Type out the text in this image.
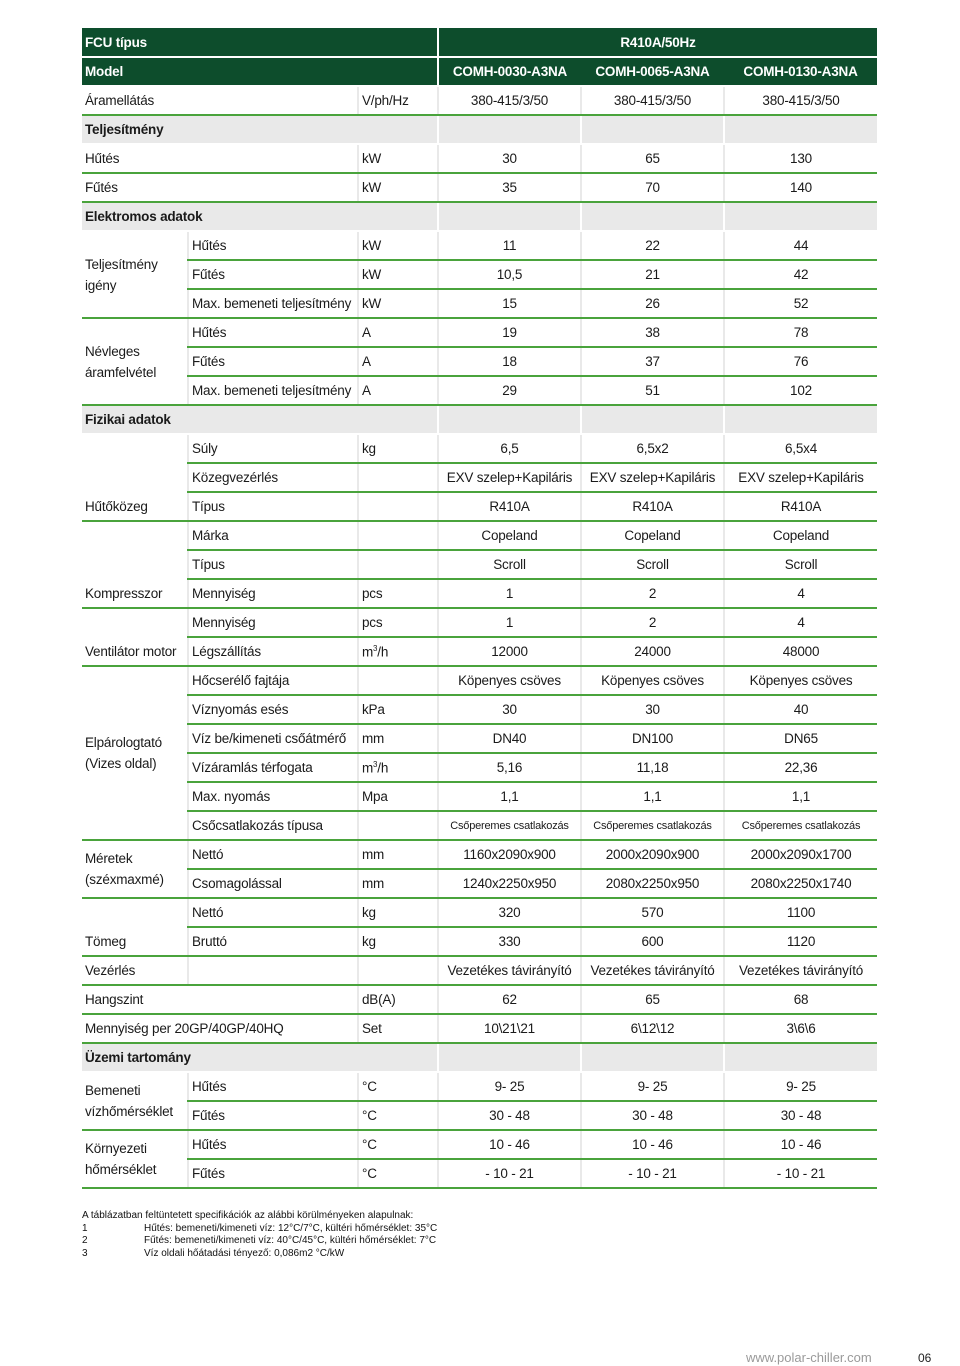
FCU típus			R410A/50Hz		
Model			COMH-0030-A3NA	COMH-0065-A3NA	COMH-0130-A3NA
Áramellátás		V/ph/Hz	380-415/3/50	380-415/3/50	380-415/3/50
Teljesítmény					
Hűtés		kW	30	65	130
Fűtés		kW	35	70	140
Elektromos adatok					
Teljesítmény igény	Hűtés	kW	11	22	44
	Fűtés	kW	10,5	21	42
	Max. bemeneti teljesítmény	kW	15	26	52
Névleges áramfelvétel	Hűtés	A	19	38	78
	Fűtés	A	18	37	76
	Max. bemeneti teljesítmény	A	29	51	102
Fizikai adatok					
	Súly	kg	6,5	6,5x2	6,5x4
	Közegvezérlés		EXV szelep+Kapiláris	EXV szelep+Kapiláris	EXV szelep+Kapiláris
Hűtőközeg	Típus		R410A	R410A	R410A
	Márka		Copeland	Copeland	Copeland
	Típus		Scroll	Scroll	Scroll
Kompresszor	Mennyiség	pcs	1	2	4
	Mennyiség	pcs	1	2	4
Ventilátor motor	Légszállítás	$m^3/h$	12000	24000	48000
Elpárologtató (Vizes oldal)	Hőcserélő fajtája		Köpenyes csöves	Köpenyes csöves	Köpenyes csöves
	Víznyomás esés	kPa	30	30	40
	Víz be/kimeneti csőátmérő	mm	DN40	DN100	DN65
	Vízáramlás térfogata	$m^3/h$	5,16	11,18	22,36
	Max. nyomás	Mpa	1,1	1,1	1,1
	Csőcsatlakozás típusa		Csőperemes csatlakozás	Csőperemes csatlakozás	Csőperemes csatlakozás
Méretek (széxmaxmé)	Nettó	mm	1160x2090x900	2000x2090x900	2000x2090x1700
	Csomagolással	mm	1240x2250x950	2080x2250x950	2080x2250x1740
	Nettó	kg	320	570	1100
Tömeg	Bruttó	kg	330	600	1120
Vezérlés			Vezetékes távirányító	Vezetékes távirányító	Vezetékes távirányító
Hangszint		dB(A)	62	65	68
Mennyiség per 20GP/40GP/40HQ		Set	10\21\21	6\12\12	3\6\6
Üzemi tartomány					
Bemeneti vízhőmérséklet	Hűtés	°C	9- 25	9- 25	9- 25
	Fűtés	°C	30 - 48	30 - 48	30 - 48
Környezeti hőmérséklet	Hűtés	°C	10 - 46	10 - 46	10 - 46
	Fűtés	°C	- 10 - 21	- 10 - 21	- 10 - 21
A táblázatban feltüntetett specifikációk az alábbi körülményeken alapulnak:
1	Hűtés: bemeneti/kimeneti víz: 12°C/7°C, kültéri hőmérséklet: 35°C
2	Fűtés: bemeneti/kimeneti víz: 40°C/45°C, kültéri hőmérséklet: 7°C
3	Víz oldali hőátadási tényező: 0,086m2 °C/kW
www.polar-chiller.com	06
